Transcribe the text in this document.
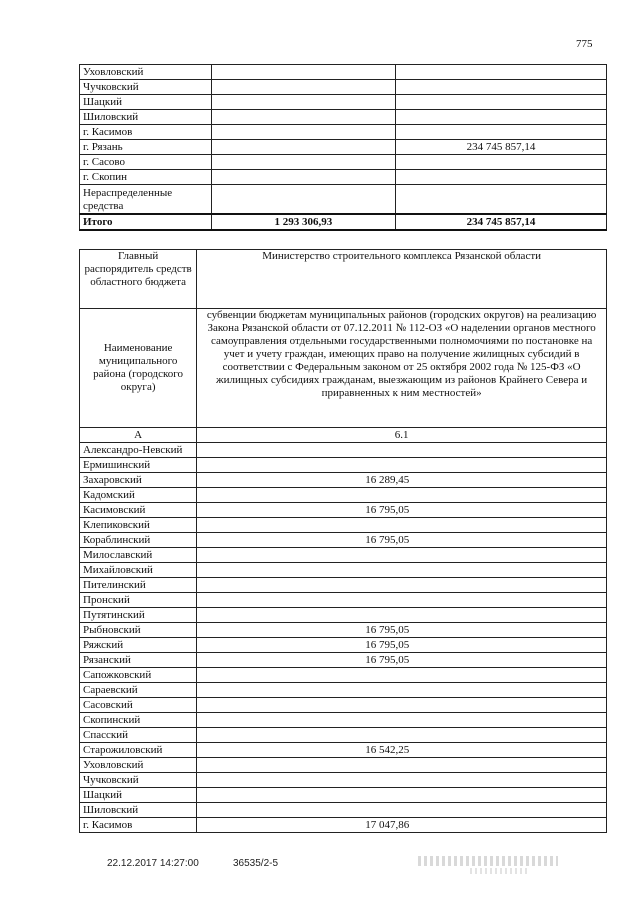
775
Уховловский		
Чучковский		
Шацкий		
Шиловский		
г. Касимов		
г. Рязань		234 745 857,14
г. Сасово		
г. Скопин		
Нераспределенные средства		
Итого	1 293 306,93	234 745 857,14
Главный распорядитель средств областного бюджета	Министерство строительного комплекса Рязанской области
Наименование муниципального района (городского округа)	субвенции бюджетам муниципальных районов (городских округов) на реализацию Закона Рязанской области от 07.12.2011 № 112-ОЗ «О наделении органов местного самоуправления отдельными государственными полномочиями по постановке на учет и учету граждан, имеющих право на получение жилищных субсидий в соответствии с Федеральным законом от 25 октября 2002 года № 125-ФЗ «О жилищных субсидиях гражданам, выезжающим из районов Крайнего Севера и приравненных к ним местностей»
А	6.1
Александро-Невский	
Ермишинский	
Захаровский	16 289,45
Кадомский	
Касимовский	16 795,05
Клепиковский	
Кораблинский	16 795,05
Милославский	
Михайловский	
Пителинский	
Пронский	
Путятинский	
Рыбновский	16 795,05
Ряжский	16 795,05
Рязанский	16 795,05
Сапожковский	
Сараевский	
Сасовский	
Скопинский	
Спасский	
Старожиловский	16 542,25
Уховловский	
Чучковский	
Шацкий	
Шиловский	
г. Касимов	17 047,86
22.12.2017 14:27:00	36535/2-5
